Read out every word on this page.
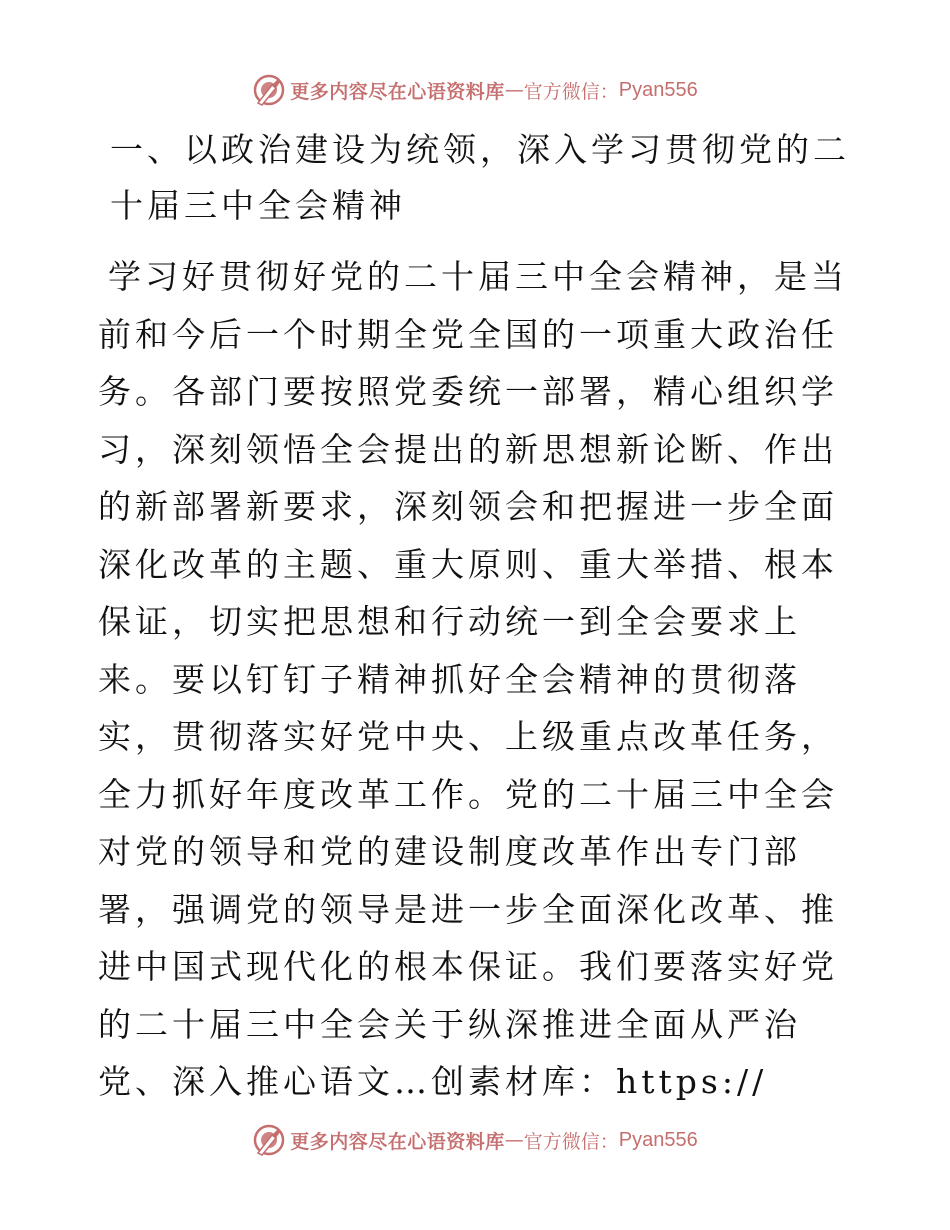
更多内容尽在心语资料库 — 官方微信： Pyan556
一、以政治建设为统领，深入学习贯彻党的二十届三中全会精神

学习好贯彻好党的二十届三中全会精神，是当前和今后一个时期全党全国的一项重大政治任务。各部门要按照党委统一部署，精心组织学习，深刻领悟全会提出的新思想新论断、作出的新部署新要求，深刻领会和把握进一步全面深化改革的主题、重大原则、重大举措、根本保证，切实把思想和行动统一到全会要求上来。要以钉钉子精神抓好全会精神的贯彻落实，贯彻落实好党中央、上级重点改革任务，全力抓好年度改革工作。党的二十届三中全会对党的领导和党的建设制度改革作出专门部署，强调党的领导是进一步全面深化改革、推进中国式现代化的根本保证。我们要落实好党的二十届三中全会关于纵深推进全面从严治党、深入推心语文…创素材库：https://

更多内容尽在心语资料库 — 官方微信： Pyan556
